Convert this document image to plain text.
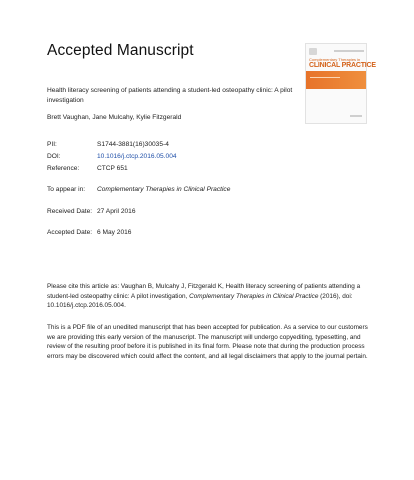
Accepted Manuscript
Complementary Therapies in
CLINICAL PRACTICE
Health literacy screening of patients attending a student-led osteopathy clinic: A pilot investigation
Brett Vaughan, Jane Mulcahy, Kylie Fitzgerald
PII:	S1744-3881(16)30035-4
DOI:	10.1016/j.ctcp.2016.05.004
Reference:	CTCP 651
To appear in: Complementary Therapies in Clinical Practice
Received Date: 27 April 2016
Accepted Date: 6 May 2016
Please cite this article as: Vaughan B, Mulcahy J, Fitzgerald K, Health literacy screening of patients attending a student-led osteopathy clinic: A pilot investigation, Complementary Therapies in Clinical Practice (2016), doi: 10.1016/j.ctcp.2016.05.004.
This is a PDF file of an unedited manuscript that has been accepted for publication. As a service to our customers we are providing this early version of the manuscript. The manuscript will undergo copyediting, typesetting, and review of the resulting proof before it is published in its final form. Please note that during the production process errors may be discovered which could affect the content, and all legal disclaimers that apply to the journal pertain.
